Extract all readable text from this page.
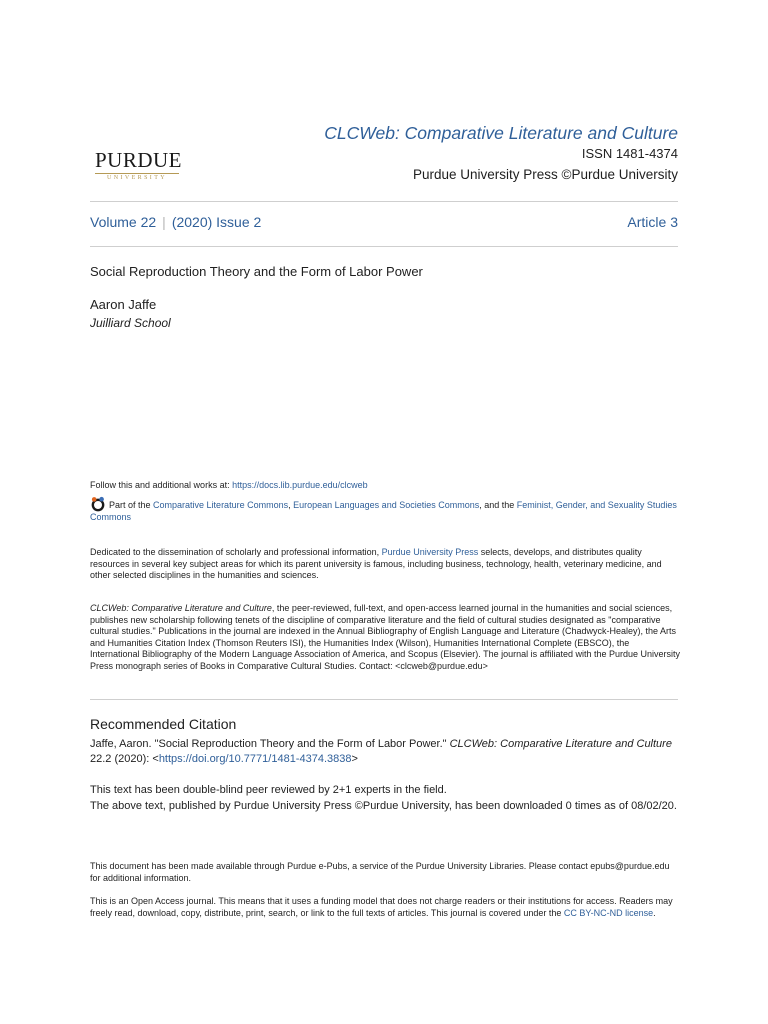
PURDUE
UNIVERSITY
CLCWeb: Comparative Literature and Culture
ISSN 1481-4374
Purdue University Press ©Purdue University
Volume 22 | (2020) Issue 2	Article 3
Social Reproduction Theory and the Form of Labor Power
Aaron Jaffe
Juilliard School
Follow this and additional works at: https://docs.lib.purdue.edu/clcweb
Part of the Comparative Literature Commons, European Languages and Societies Commons, and the Feminist, Gender, and Sexuality Studies Commons
Dedicated to the dissemination of scholarly and professional information, Purdue University Press selects, develops, and distributes quality resources in several key subject areas for which its parent university is famous, including business, technology, health, veterinary medicine, and other selected disciplines in the humanities and sciences.
CLCWeb: Comparative Literature and Culture, the peer-reviewed, full-text, and open-access learned journal in the humanities and social sciences, publishes new scholarship following tenets of the discipline of comparative literature and the field of cultural studies designated as "comparative cultural studies." Publications in the journal are indexed in the Annual Bibliography of English Language and Literature (Chadwyck-Healey), the Arts and Humanities Citation Index (Thomson Reuters ISI), the Humanities Index (Wilson), Humanities International Complete (EBSCO), the International Bibliography of the Modern Language Association of America, and Scopus (Elsevier). The journal is affiliated with the Purdue University Press monograph series of Books in Comparative Cultural Studies. Contact: <clcweb@purdue.edu>
Recommended Citation
Jaffe, Aaron. "Social Reproduction Theory and the Form of Labor Power." CLCWeb: Comparative Literature and Culture 22.2 (2020): <https://doi.org/10.7771/1481-4374.3838>
This text has been double-blind peer reviewed by 2+1 experts in the field.
The above text, published by Purdue University Press ©Purdue University, has been downloaded 0 times as of 08/02/20.
This document has been made available through Purdue e-Pubs, a service of the Purdue University Libraries. Please contact epubs@purdue.edu for additional information.
This is an Open Access journal. This means that it uses a funding model that does not charge readers or their institutions for access. Readers may freely read, download, copy, distribute, print, search, or link to the full texts of articles. This journal is covered under the CC BY-NC-ND license.
